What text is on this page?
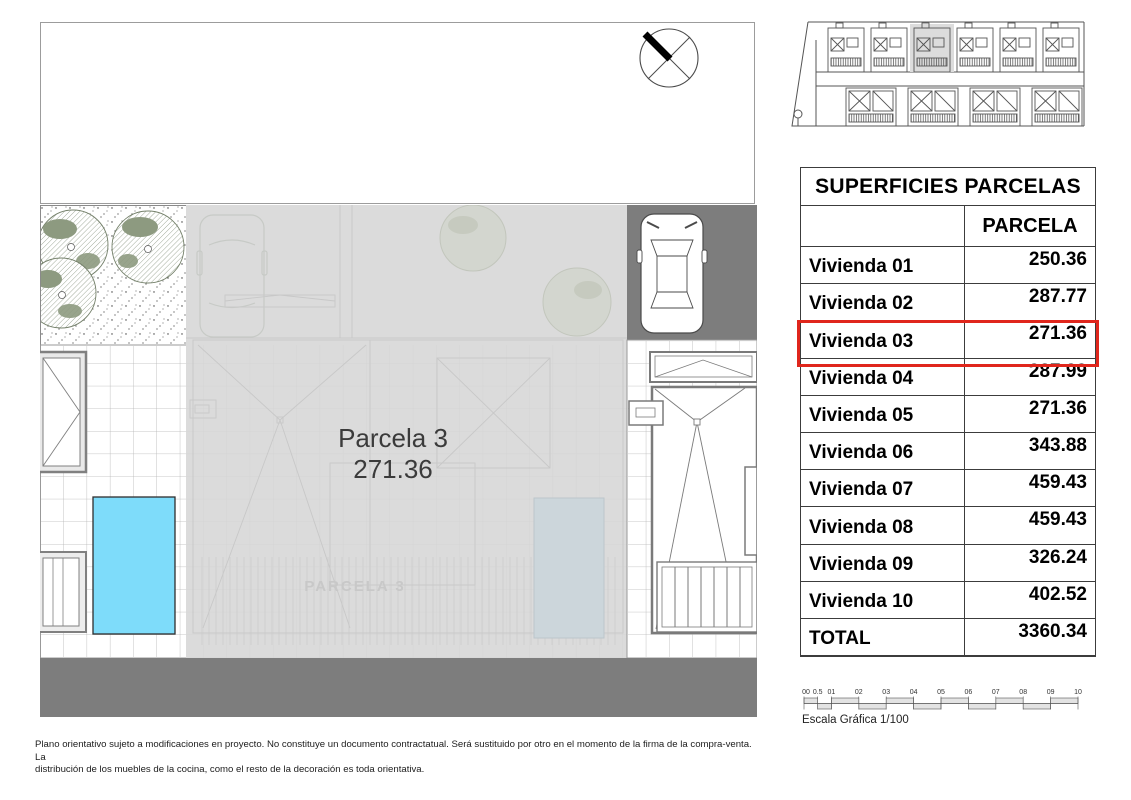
Parcela 3
271.36
PARCELA 3
SUPERFICIES PARCELAS
PARCELA
Vivienda 01	250.36
Vivienda 02	287.77
Vivienda 03	271.36
Vivienda 04	287.99
Vivienda 05	271.36
Vivienda 06	343.88
Vivienda 07	459.43
Vivienda 08	459.43
Vivienda 09	326.24
Vivienda 10	402.52
TOTAL	3360.34
00 0.5 01	02	03	04	05	06	07	08	09	10
Escala Gráfica 1/100
Plano orientativo sujeto a modificaciones en proyecto. No constituye un documento contractatual. Será sustituido por otro en el momento de la firma de la compra-venta. La
distribución de los muebles de la cocina, como el resto de la decoración es toda orientativa.
